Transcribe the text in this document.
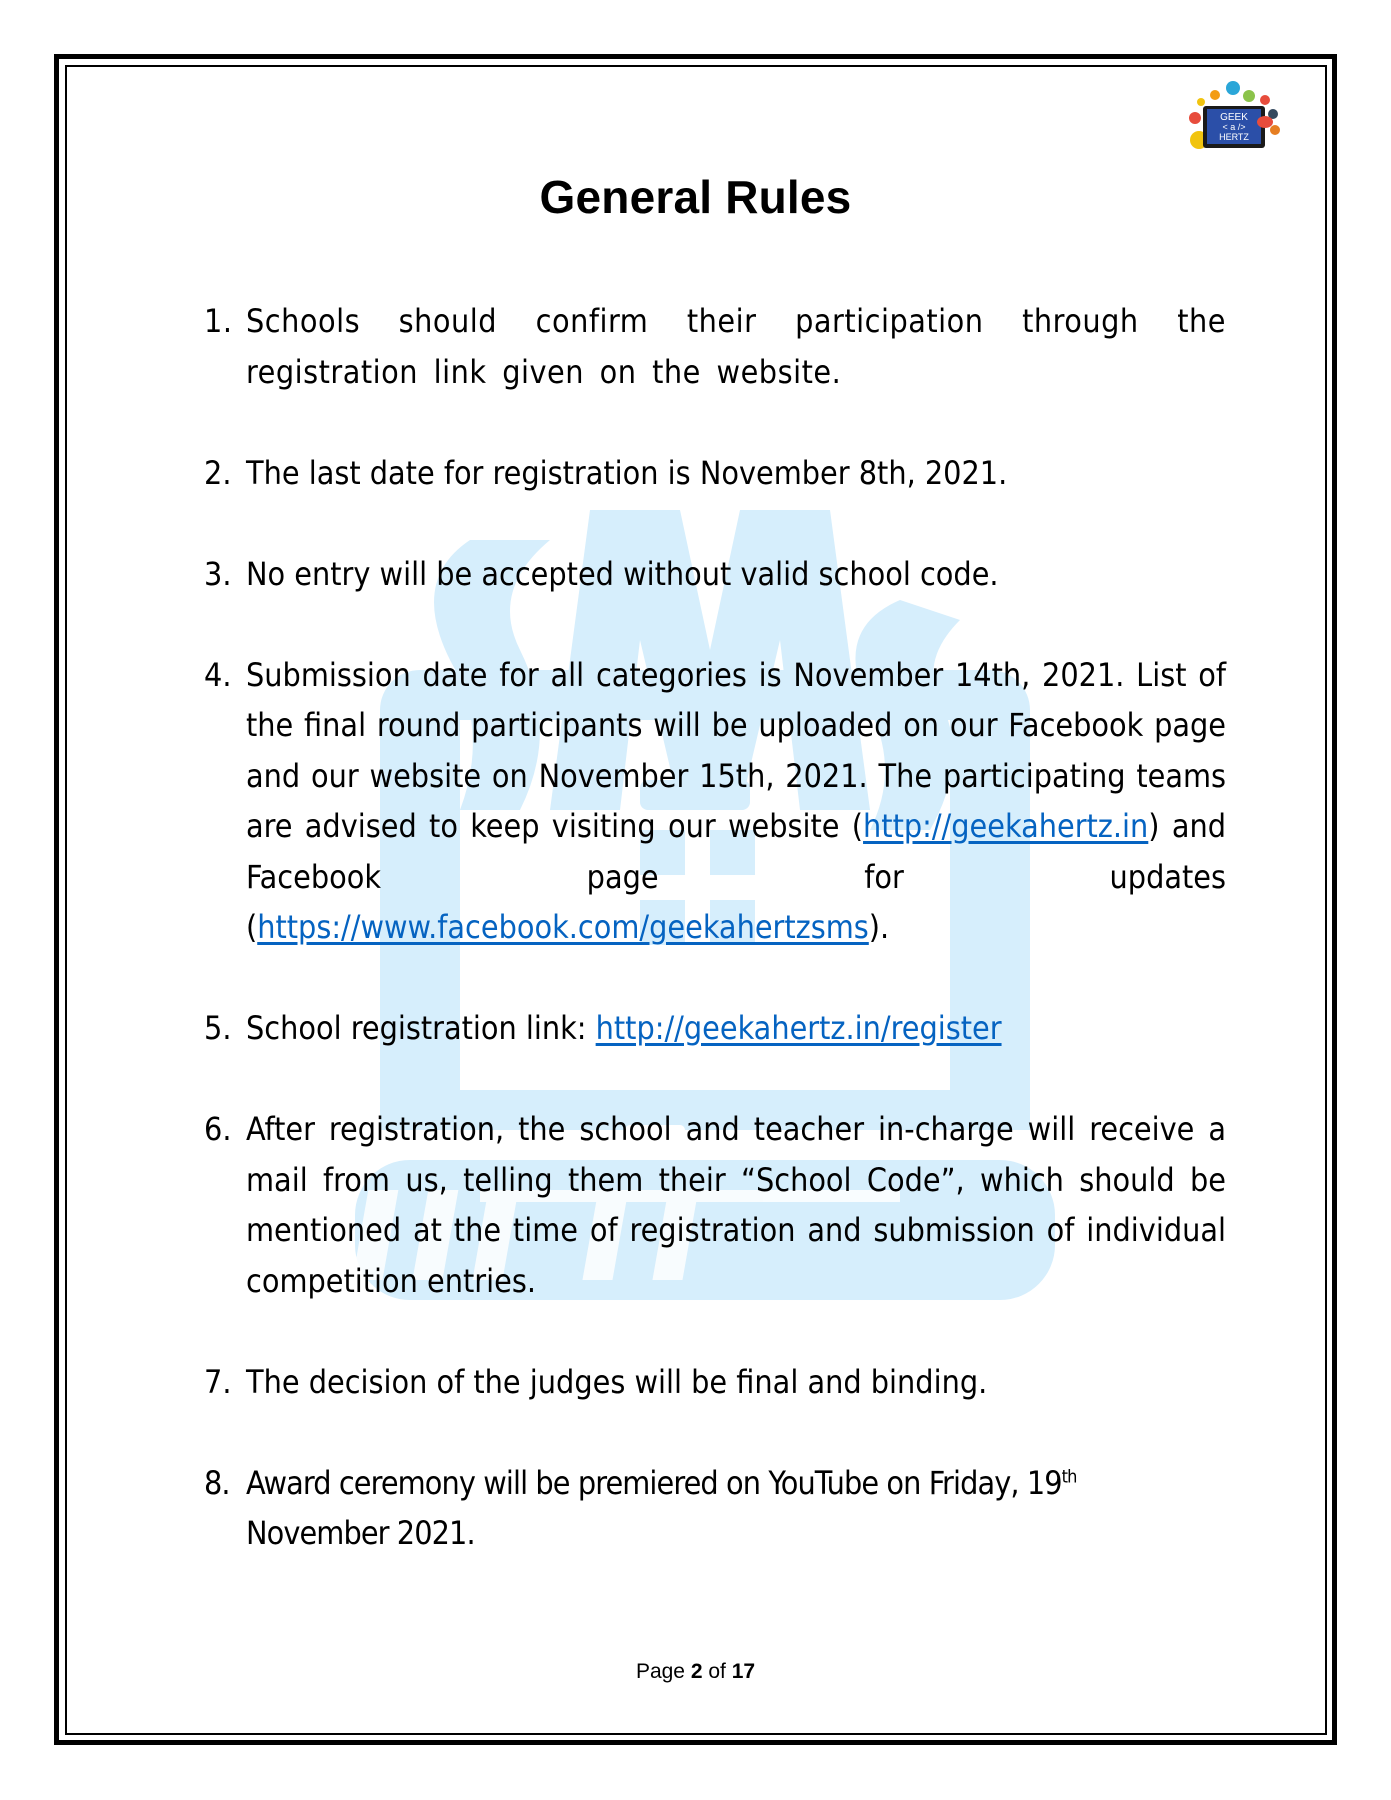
GEEK
< a />
HERTZ
General Rules
1. Schools should confirm their participation through the registration link given on the website.
2. The last date for registration is November 8th, 2021.
3. No entry will be accepted without valid school code.
4. Submission date for all categories is November 14th, 2021. List of the final round participants will be uploaded on our Facebook page and our website on November 15th, 2021. The participating teams are advised to keep visiting our website (http://geekahertz.in) and Facebook page for updates (https://www.facebook.com/geekahertzsms).
5. School registration link: http://geekahertz.in/register
6. After registration, the school and teacher in-charge will receive a mail from us, telling them their “School Code”, which should be mentioned at the time of registration and submission of individual competition entries.
7. The decision of the judges will be final and binding.
8. Award ceremony will be premiered on YouTube on Friday, 19th
November 2021.
Page 2 of 17
